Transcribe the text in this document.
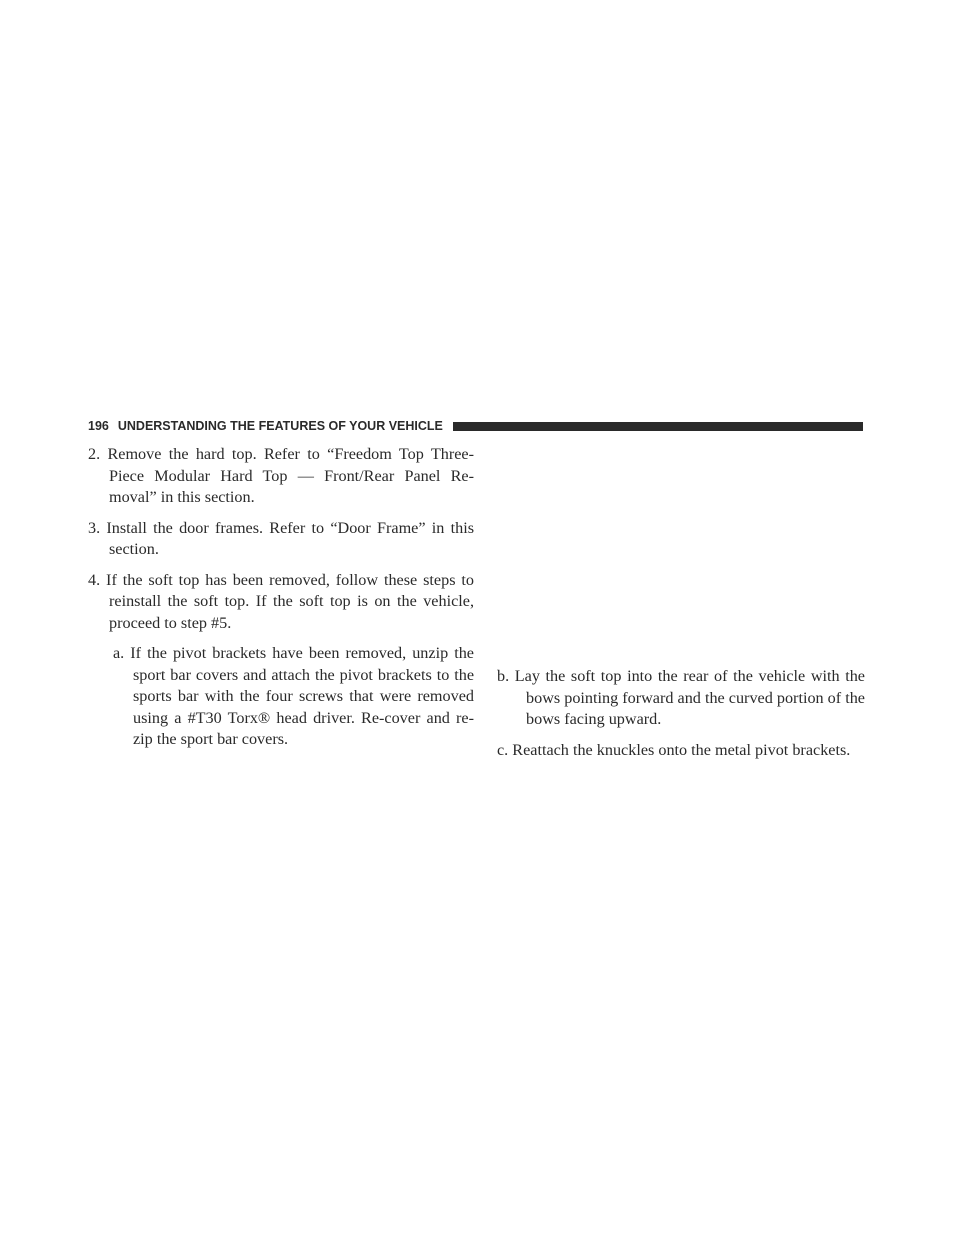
196 UNDERSTANDING THE FEATURES OF YOUR VEHICLE

2. Remove the hard top. Refer to “Freedom Top Three-Piece Modular Hard Top — Front/Rear Panel Re-moval” in this section.

3. Install the door frames. Refer to “Door Frame” in this section.

4. If the soft top has been removed, follow these steps to reinstall the soft top. If the soft top is on the vehicle, proceed to step #5.

a. If the pivot brackets have been removed, unzip the sport bar covers and attach the pivot brackets to the sports bar with the four screws that were removed using a #T30 Torx® head driver. Re-cover and re-zip the sport bar covers.

b. Lay the soft top into the rear of the vehicle with the bows pointing forward and the curved portion of the bows facing upward.

c. Reattach the knuckles onto the metal pivot brackets.
